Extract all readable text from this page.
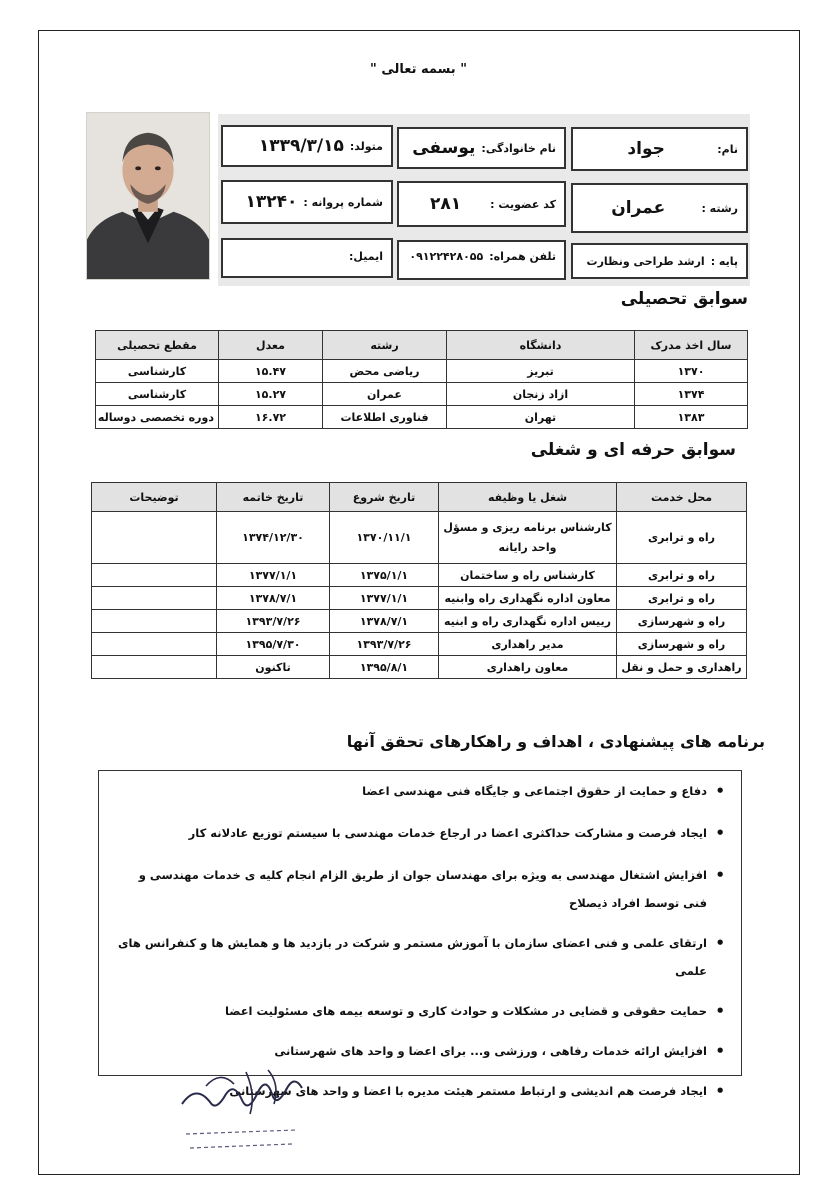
" بسمه تعالی "
نام:
جواد
نام خانوادگی:
یوسفی
متولد:
۱۳۳۹/۳/۱۵
رشته :
عمران
کد عضویت :
۲۸۱
شماره پروانه :
۱۳۲۴۰
پایه :
ارشد طراحی ونظارت
تلفن همراه:
۰۹۱۲۲۴۲۸۰۵۵
ایمیل:
سوابق تحصیلی
سال اخذ مدرک	دانشگاه	رشته	معدل	مقطع تحصیلی
۱۳۷۰	تبریز	ریاضی محض	۱۵.۴۷	کارشناسی
۱۳۷۴	ازاد زنجان	عمران	۱۵.۲۷	کارشناسی
۱۳۸۳	تهران	فناوری اطلاعات	۱۶.۷۲	دوره تخصصی دوساله
سوابق حرفه ای و شغلی
محل خدمت	شغل یا وظیفه	تاریخ شروع	تاریخ خاتمه	توضیحات
راه و ترابری	کارشناس برنامه ریزی و مسؤل واحد رایانه	۱۳۷۰/۱۱/۱	۱۳۷۴/۱۲/۳۰	
راه و ترابری	کارشناس راه و ساختمان	۱۳۷۵/۱/۱	۱۳۷۷/۱/۱	
راه و ترابری	معاون اداره نگهداری راه وابنیه	۱۳۷۷/۱/۱	۱۳۷۸/۷/۱	
راه و شهرسازی	رییس اداره نگهداری راه و ابنیه	۱۳۷۸/۷/۱	۱۳۹۳/۷/۲۶	
راه و شهرسازی	مدیر راهداری	۱۳۹۳/۷/۲۶	۱۳۹۵/۷/۳۰	
راهداری و حمل و نقل	معاون راهداری	۱۳۹۵/۸/۱	تاکنون	
برنامه های پیشنهادی ، اهداف و راهکارهای تحقق آنها
• دفاع و حمایت از حقوق اجتماعی و جایگاه فنی مهندسی اعضا
• ایجاد فرصت و مشارکت حداکثری اعضا در ارجاع خدمات مهندسی با سیستم توزیع عادلانه کار
• افزایش اشتغال مهندسی به ویژه برای مهندسان جوان از طریق الزام انجام کلیه ی خدمات مهندسی و فنی توسط افراد ذیصلاح
• ارتقای علمی و فنی اعضای سازمان با آموزش مستمر و شرکت در بازدید ها و همایش ها و کنفرانس های علمی
• حمایت حقوقی و قضایی در مشکلات و حوادث کاری و توسعه بیمه های مسئولیت اعضا
• افزایش ارائه خدمات رفاهی ، ورزشی و... برای اعضا و واحد های شهرستانی
• ایجاد فرصت هم اندیشی و ارتباط مستمر هیئت مدیره با اعضا و واحد های شهرستانی
